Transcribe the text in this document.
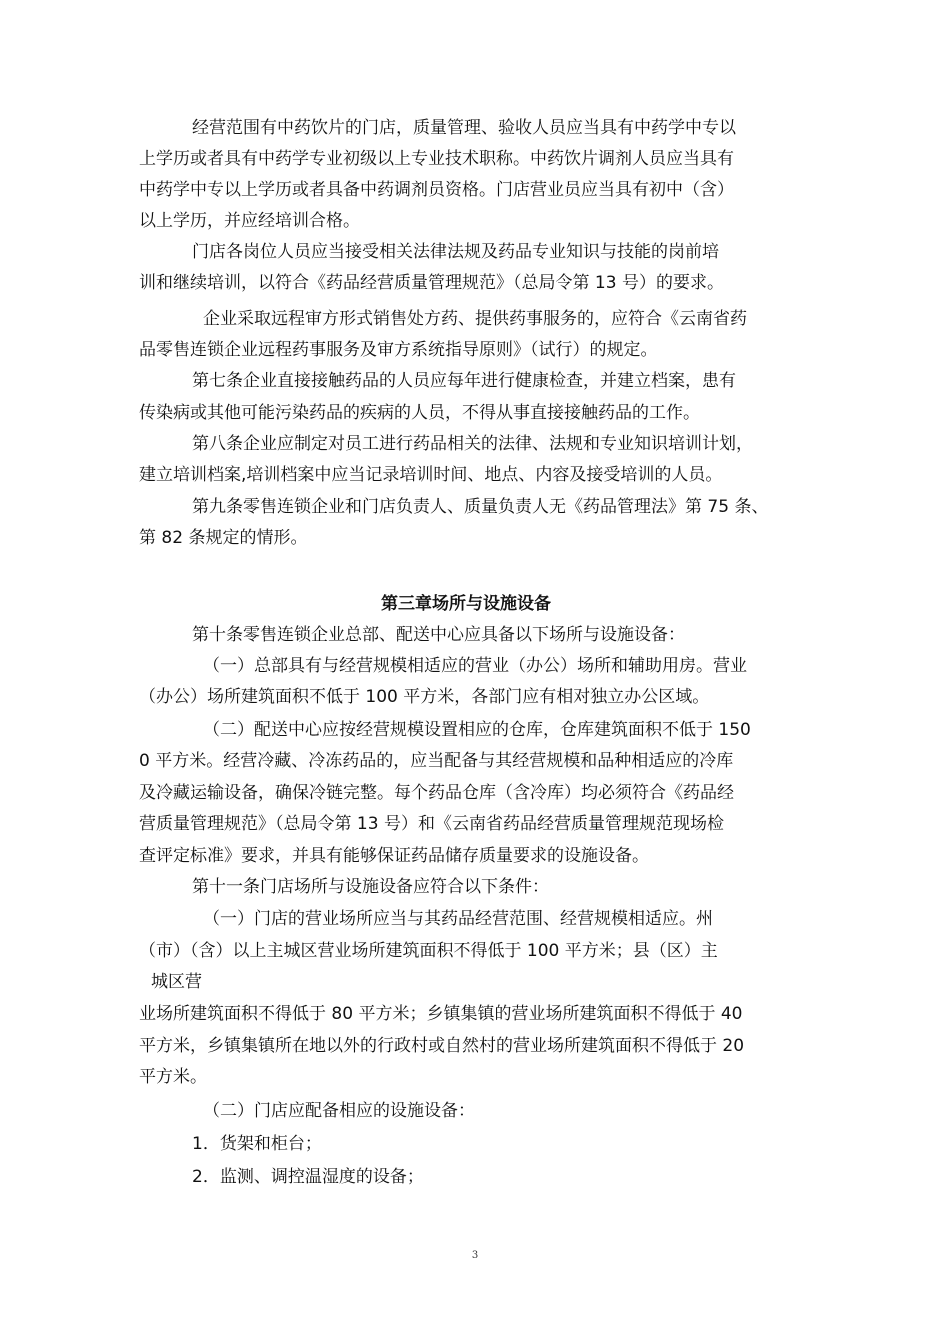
经营范围有中药饮片的门店，质量管理、验收人员应当具有中药学中专以
上学历或者具有中药学专业初级以上专业技术职称。中药饮片调剂人员应当具有
中药学中专以上学历或者具备中药调剂员资格。门店营业员应当具有初中（含）
以上学历，并应经培训合格。
门店各岗位人员应当接受相关法律法规及药品专业知识与技能的岗前培
训和继续培训，以符合《药品经营质量管理规范》（总局令第 13 号）的要求。
企业采取远程审方形式销售处方药、提供药事服务的，应符合《云南省药
品零售连锁企业远程药事服务及审方系统指导原则》（试行）的规定。
第七条企业直接接触药品的人员应每年进行健康检查，并建立档案，患有
传染病或其他可能污染药品的疾病的人员，不得从事直接接触药品的工作。
第八条企业应制定对员工进行药品相关的法律、法规和专业知识培训计划，
建立培训档案,培训档案中应当记录培训时间、地点、内容及接受培训的人员。
第九条零售连锁企业和门店负责人、质量负责人无《药品管理法》第 75 条、
第 82 条规定的情形。
第三章场所与设施设备
第十条零售连锁企业总部、配送中心应具备以下场所与设施设备：
（一）总部具有与经营规模相适应的营业（办公）场所和辅助用房。营业
（办公）场所建筑面积不低于 100 平方米，各部门应有相对独立办公区域。
（二）配送中心应按经营规模设置相应的仓库，仓库建筑面积不低于 150
0 平方米。经营冷藏、冷冻药品的，应当配备与其经营规模和品种相适应的冷库
及冷藏运输设备，确保冷链完整。每个药品仓库（含冷库）均必须符合《药品经
营质量管理规范》（总局令第 13 号）和《云南省药品经营质量管理规范现场检
查评定标准》要求，并具有能够保证药品储存质量要求的设施设备。
第十一条门店场所与设施设备应符合以下条件：
（一）门店的营业场所应当与其药品经营范围、经营规模相适应。州
（市）（含）以上主城区营业场所建筑面积不得低于 100 平方米；县（区）主
城区营
业场所建筑面积不得低于 80 平方米；乡镇集镇的营业场所建筑面积不得低于 40
平方米，乡镇集镇所在地以外的行政村或自然村的营业场所建筑面积不得低于 20
平方米。
（二）门店应配备相应的设施设备：
1．货架和柜台；
2．监测、调控温湿度的设备；
3
